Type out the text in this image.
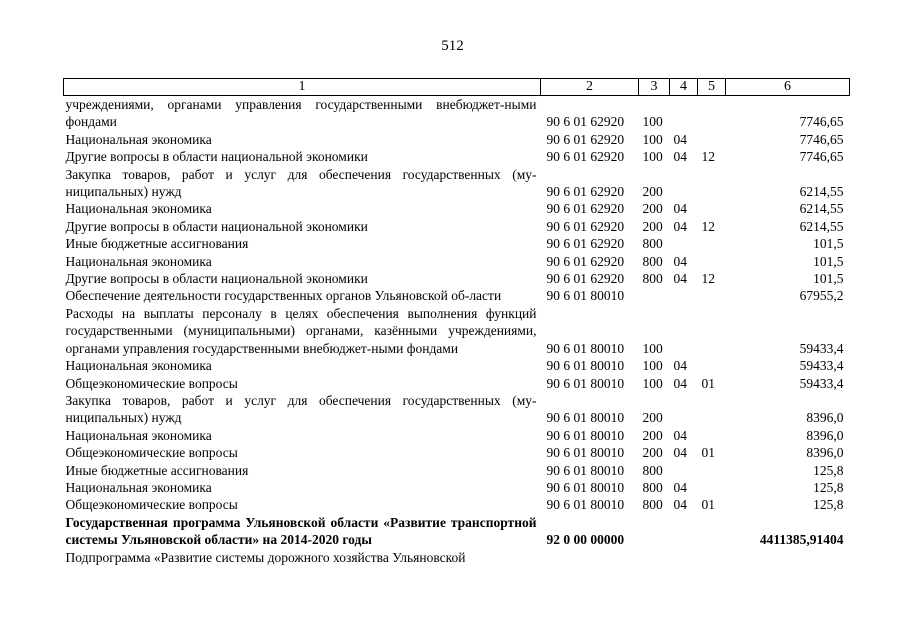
512
1	2	3	4	5	6
учреждениями, органами управления государственными внебюджет-ными фондами	90 6 01 62920	100			7746,65
Национальная экономика	90 6 01 62920	100	04		7746,65
Другие вопросы в области национальной экономики	90 6 01 62920	100	04	12	7746,65
Закупка товаров, работ и услуг для обеспечения государственных (му-ниципальных) нужд	90 6 01 62920	200			6214,55
Национальная экономика	90 6 01 62920	200	04		6214,55
Другие вопросы в области национальной экономики	90 6 01 62920	200	04	12	6214,55
Иные бюджетные ассигнования	90 6 01 62920	800			101,5
Национальная экономика	90 6 01 62920	800	04		101,5
Другие вопросы в области национальной экономики	90 6 01 62920	800	04	12	101,5
Обеспечение деятельности государственных органов Ульяновской об-ласти	90 6 01 80010				67955,2
Расходы на выплаты персоналу в целях обеспечения выполнения функций государственными (муниципальными) органами, казёнными учреждениями, органами управления государственными внебюджет-ными фондами	90 6 01 80010	100			59433,4
Национальная экономика	90 6 01 80010	100	04		59433,4
Общеэкономические вопросы	90 6 01 80010	100	04	01	59433,4
Закупка товаров, работ и услуг для обеспечения государственных (му-ниципальных) нужд	90 6 01 80010	200			8396,0
Национальная экономика	90 6 01 80010	200	04		8396,0
Общеэкономические вопросы	90 6 01 80010	200	04	01	8396,0
Иные бюджетные ассигнования	90 6 01 80010	800			125,8
Национальная экономика	90 6 01 80010	800	04		125,8
Общеэкономические вопросы	90 6 01 80010	800	04	01	125,8
Государственная программа Ульяновской области «Развитие транспортной системы Ульяновской области» на 2014-2020 годы	92 0 00 00000				4411385,91404
Подпрограмма «Развитие системы дорожного хозяйства Ульяновской					
